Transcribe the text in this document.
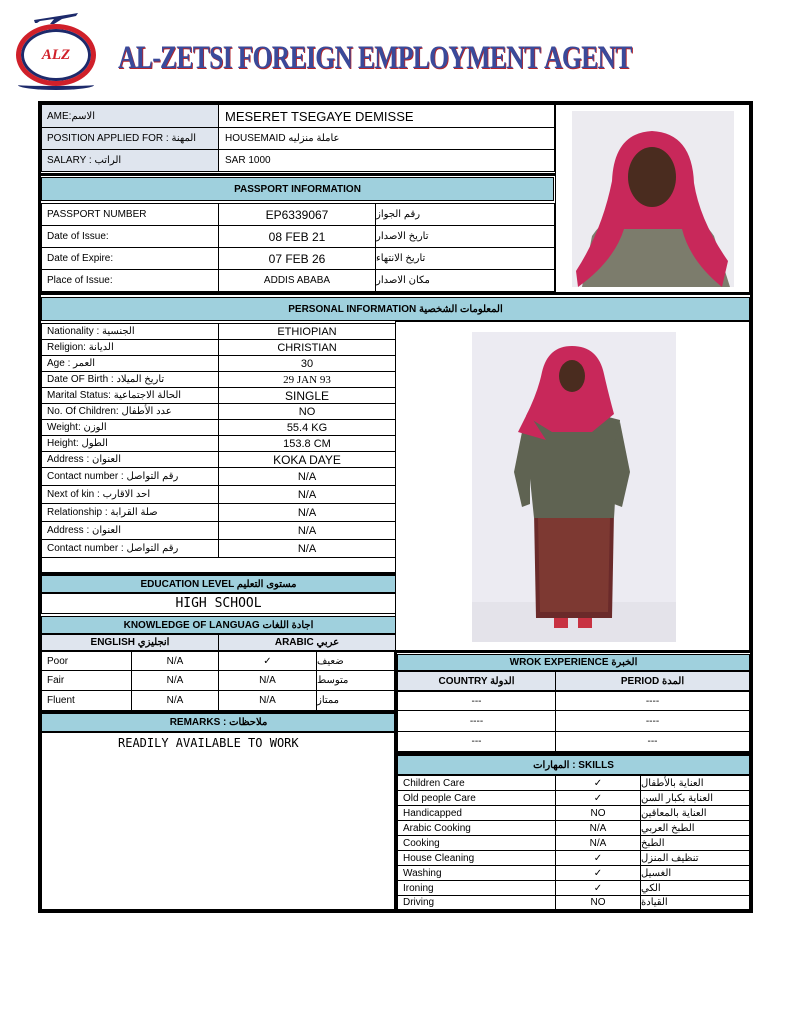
ALZ AL-ZETSI FOREIGN EMPLOYMENT AGENT
AME:الاسم	MESERET TSEGAYE DEMISSE
POSITION APPLIED FOR : المهنة	HOUSEMAID عاملة منزليه
SALARY : الراتب	SAR 1000
PASSPORT INFORMATION
PASSPORT NUMBER	EP6339067	رقم الجواز
Date of Issue:	08 FEB 21	تاريخ الاصدار
Date of Expire:	07 FEB 26	تاريخ الانتهاء
Place of Issue:	ADDIS ABABA	مكان الاصدار
PERSONAL INFORMATION المعلومات الشخصية
Nationality : الجنسية	ETHIOPIAN
Religion: الديانة	CHRISTIAN
Age : العمر	30
Date OF Birth : تاريخ الميلاد	29 JAN 93
Marital Status: الحالة الاجتماعية	SINGLE
No. Of Children: عدد الأطفال	NO
Weight: الوزن	55.4 KG
Height: الطول	153.8 CM
Address : العنوان	KOKA DAYE
Contact number : رقم التواصل	N/A
Next of kin : احد الاقارب	N/A
Relationship : صلة القرابة	N/A
Address : العنوان	N/A
Contact number : رقم التواصل	N/A
EDUCATION LEVEL مستوى التعليم
HIGH SCHOOL
KNOWLEDGE OF LANGUAG اجادة اللغات
ENGLISH انجليزي	ARABIC عربي
Poor	N/A	✓	ضعيف
Fair	N/A	N/A	متوسط
Fluent	N/A	N/A	ممتاز
REMARKS : ملاحظات
READILY AVAILABLE TO WORK
WROK EXPERIENCE الخبرة
COUNTRY الدولة	PERIOD المدة
---	----
----	----
---	---
المهارات : SKILLS
Children Care	✓	العناية بالأطفال
Old people Care	✓	العناية بكبار السن
Handicapped	NO	العناية بالمعاقين
Arabic Cooking	N/A	الطبخ العربي
Cooking	N/A	الطبخ
House Cleaning	✓	تنظيف المنزل
Washing	✓	الغسيل
Ironing	✓	الكي
Driving	NO	القيادة
